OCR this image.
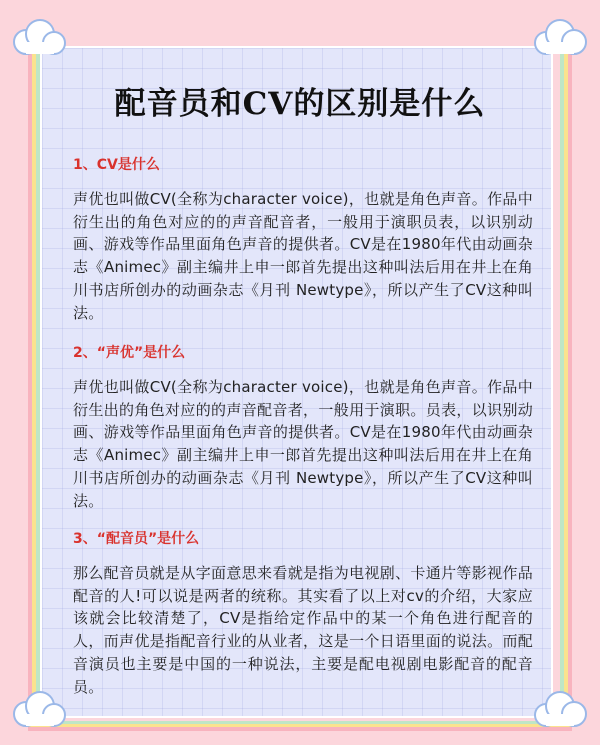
配音员和CV的区别是什么
1、CV是什么
声优也叫做CV(全称为character voice)，也就是角色声音。作品中衍生出的角色对应的的声音配音者，一般用于演职员表，以识别动画、游戏等作品里面角色声音的提供者。CV是在1980年代由动画杂志《Animec》副主编井上申一郎首先提出这种叫法后用在井上在角川书店所创办的动画杂志《月刊 Newtype》，所以产生了CV这种叫法。
2、“声优”是什么
声优也叫做CV(全称为character voice)，也就是角色声音。作品中衍生出的角色对应的的声音配音者，一般用于演职。员表，以识别动画、游戏等作品里面角色声音的提供者。CV是在1980年代由动画杂志《Animec》副主编井上申一郎首先提出这种叫法后用在井上在角川书店所创办的动画杂志《月刊 Newtype》，所以产生了CV这种叫法。
3、“配音员”是什么
那么配音员就是从字面意思来看就是指为电视剧、卡通片等影视作品配音的人!可以说是两者的统称。其实看了以上对cv的介绍，大家应该就会比较清楚了，CV是指给定作品中的某一个角色进行配音的人，而声优是指配音行业的从业者，这是一个日语里面的说法。而配音演员也主要是中国的一种说法，主要是配电视剧电影配音的配音员。
